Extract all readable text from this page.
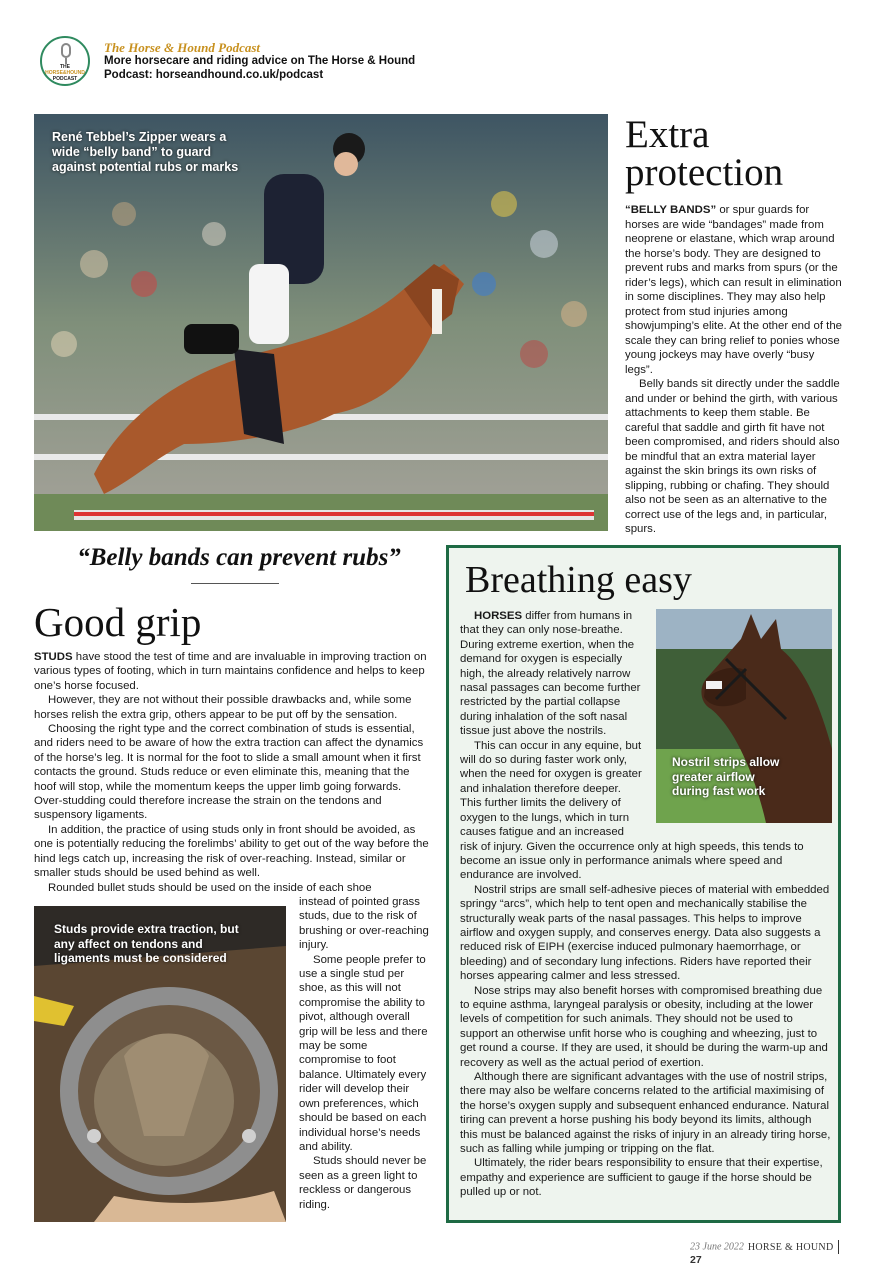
THE
HORSE&HOUND
PODCAST
The Horse & Hound Podcast
More horsecare and riding advice on The Horse & Hound Podcast: horseandhound.co.uk/podcast
René Tebbel’s Zipper wears a wide “belly band” to guard against potential rubs or marks
Extra protection

“BELLY BANDS” or spur guards for horses are wide “bandages” made from neoprene or elastane, which wrap around the horse’s body. They are designed to prevent rubs and marks from spurs (or the rider’s legs), which can result in elimination in some disciplines. They may also help protect from stud injuries among showjumping’s elite. At the other end of the scale they can bring relief to ponies whose young jockeys may have overly “busy legs”.

Belly bands sit directly under the saddle and under or behind the girth, with various attachments to keep them stable. Be careful that saddle and girth fit have not been compromised, and riders should also be mindful that an extra material layer against the skin brings its own risks of slipping, rubbing or chafing. They should also not be seen as an alternative to the correct use of the legs and, in particular, spurs.

“Belly bands can prevent rubs”
Good grip

STUDS have stood the test of time and are invaluable in improving traction on various types of footing, which in turn maintains confidence and helps to keep one’s horse focused.

However, they are not without their possible drawbacks and, while some horses relish the extra grip, others appear to be put off by the sensation.

Choosing the right type and the correct combination of studs is essential, and riders need to be aware of how the extra traction can affect the dynamics of the horse’s leg. It is normal for the foot to slide a small amount when it first contacts the ground. Studs reduce or even eliminate this, meaning that the hoof will stop, while the momentum keeps the upper limb going forwards. Over-studding could therefore increase the strain on the tendons and suspensory ligaments.

In addition, the practice of using studs only in front should be avoided, as one is potentially reducing the forelimbs’ ability to get out of the way before the hind legs catch up, increasing the risk of over-reaching. Instead, similar or smaller studs should be used behind as well.

Rounded bullet studs should be used on the inside of each shoe

instead of pointed grass studs, due to the risk of brushing or over-reaching injury.

Some people prefer to use a single stud per shoe, as this will not compromise the ability to pivot, although overall grip will be less and there may be some compromise to foot balance. Ultimately every rider will develop their own preferences, which should be based on each individual horse’s needs and ability.

Studs should never be seen as a green light to reckless or dangerous riding.

Studs provide extra traction, but any affect on tendons and ligaments must be considered
Breathing easy
Nostril strips allow greater airflow during fast work

HORSES differ from humans in that they can only nose-breathe. During extreme exertion, when the demand for oxygen is especially high, the already relatively narrow nasal passages can become further restricted by the partial collapse during inhalation of the soft nasal tissue just above the nostrils.

This can occur in any equine, but will do so during faster work only, when the need for oxygen is greater and inhalation therefore deeper. This further limits the delivery of oxygen to the lungs, which in turn causes fatigue and an increased risk of injury. Given the occurrence only at high speeds, this tends to become an issue only in performance animals where speed and endurance are involved.

Nostril strips are small self-adhesive pieces of material with embedded springy “arcs”, which help to tent open and mechanically stabilise the structurally weak parts of the nasal passages. This helps to improve airflow and oxygen supply, and conserves energy. Data also suggests a reduced risk of EIPH (exercise induced pulmonary haemorrhage, or bleeding) and of secondary lung infections. Riders have reported their horses appearing calmer and less stressed.

Nose strips may also benefit horses with compromised breathing due to equine asthma, laryngeal paralysis or obesity, including at the lower levels of competition for such animals. They should not be used to support an otherwise unfit horse who is coughing and wheezing, just to get round a course. If they are used, it should be during the warm-up and recovery as well as the actual period of exertion.

Although there are significant advantages with the use of nostril strips, there may also be welfare concerns related to the artificial maximising of the horse’s oxygen supply and subsequent enhanced endurance. Natural tiring can prevent a horse pushing his body beyond its limits, although this must be balanced against the risks of injury in an already tiring horse, such as falling while jumping or tripping on the flat.

Ultimately, the rider bears responsibility to ensure that their expertise, empathy and experience are sufficient to gauge if the horse should be pulled up or not.

23 June 2022 HORSE & HOUND27
